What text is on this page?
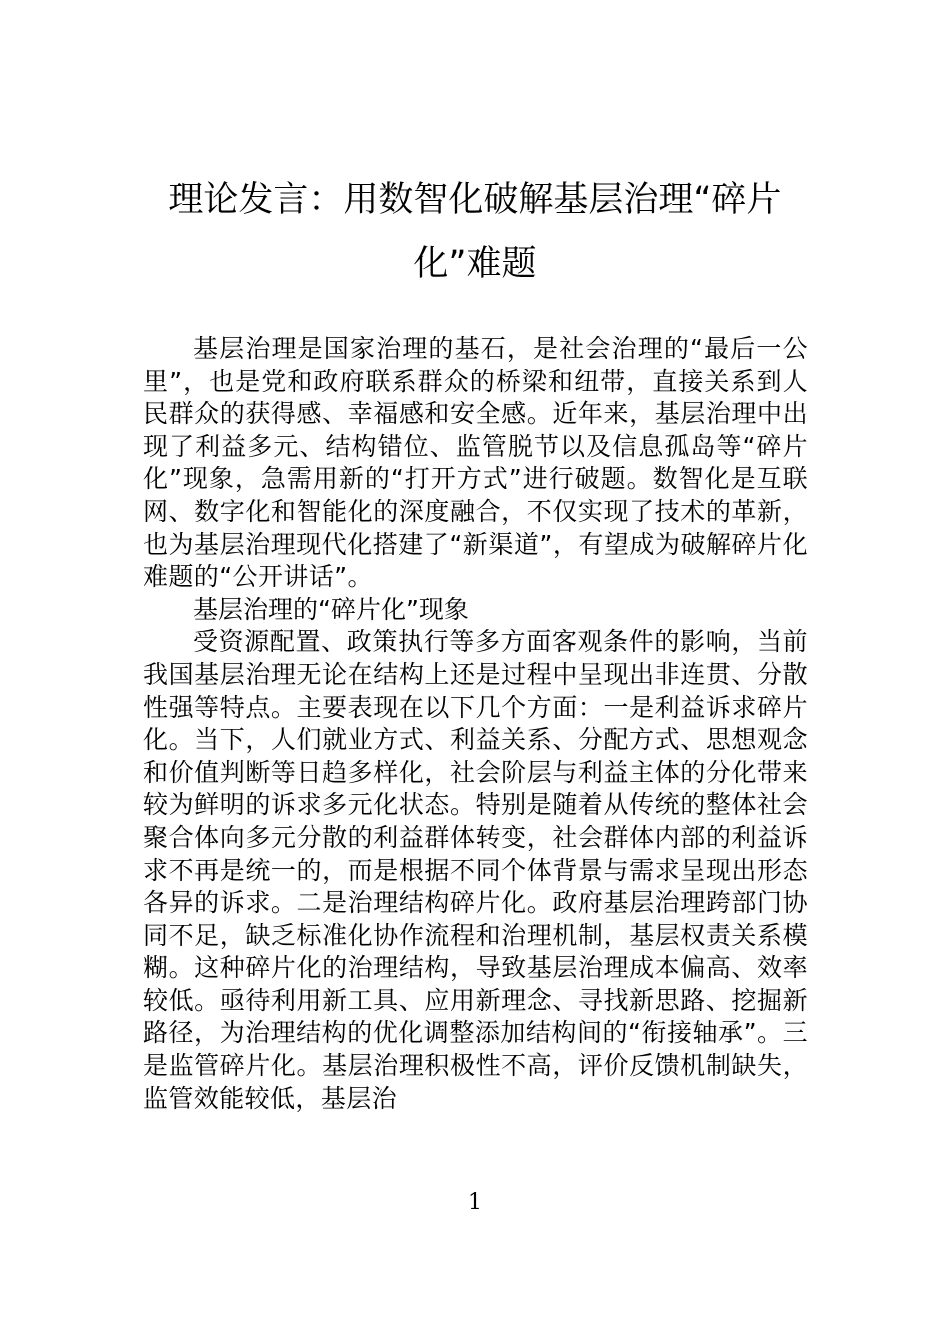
理论发言：用数智化破解基层治理“碎片
化”难题

基层治理是国家治理的基石，是社会治理的“最后一公里”，也是党和政府联系群众的桥梁和纽带，直接关系到人民群众的获得感、幸福感和安全感。近年来，基层治理中出现了利益多元、结构错位、监管脱节以及信息孤岛等“碎片化”现象，急需用新的“打开方式”进行破题。数智化是互联网、数字化和智能化的深度融合，不仅实现了技术的革新，也为基层治理现代化搭建了“新渠道”，有望成为破解碎片化难题的“公开讲话”。

基层治理的“碎片化”现象

受资源配置、政策执行等多方面客观条件的影响，当前我国基层治理无论在结构上还是过程中呈现出非连贯、分散性强等特点。主要表现在以下几个方面：一是利益诉求碎片化。当下，人们就业方式、利益关系、分配方式、思想观念和价值判断等日趋多样化，社会阶层与利益主体的分化带来较为鲜明的诉求多元化状态。特别是随着从传统的整体社会聚合体向多元分散的利益群体转变，社会群体内部的利益诉求不再是统一的，而是根据不同个体背景与需求呈现出形态各异的诉求。二是治理结构碎片化。政府基层治理跨部门协同不足，缺乏标准化协作流程和治理机制，基层权责关系模糊。这种碎片化的治理结构，导致基层治理成本偏高、效率较低。亟待利用新工具、应用新理念、寻找新思路、挖掘新路径，为治理结构的优化调整添加结构间的“衔接轴承”。三是监管碎片化。基层治理积极性不高，评价反馈机制缺失，监管效能较低，基层治

1
